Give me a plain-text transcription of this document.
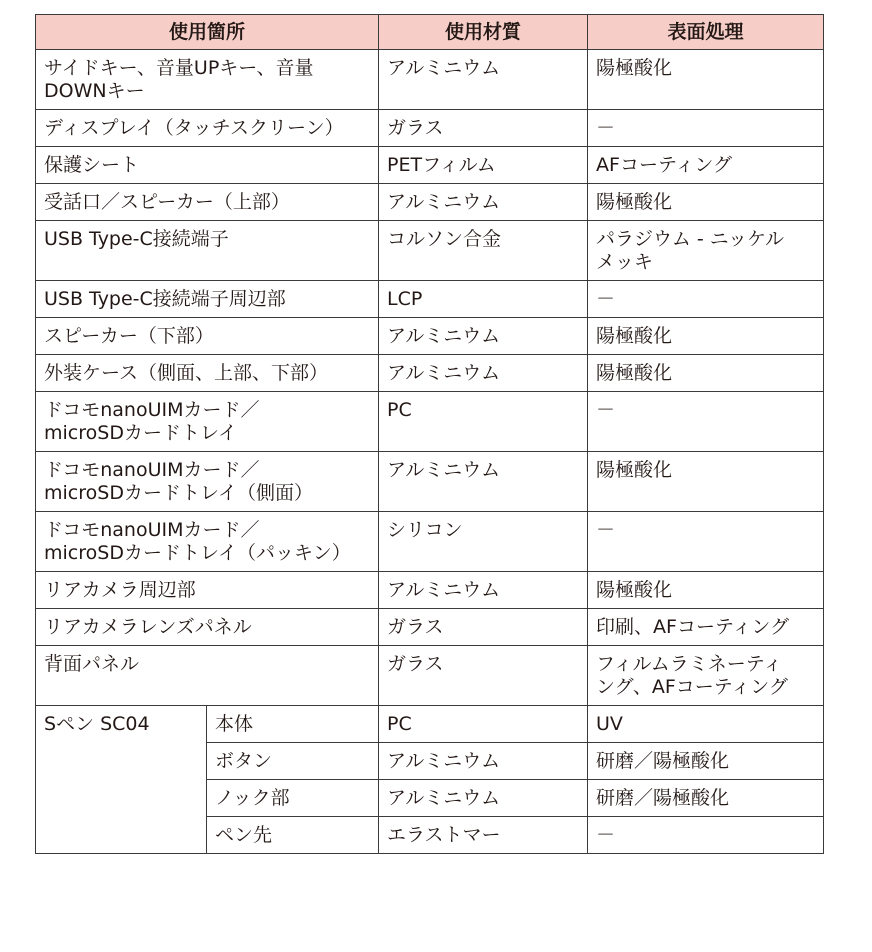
使用箇所		使用材質	表面処理
サイドキー、音量UPキー、音量
DOWNキー		アルミニウム	陽極酸化
ディスプレイ（タッチスクリーン）		ガラス	－
保護シート		PETフィルム	AFコーティング
受話口／スピーカー（上部）		アルミニウム	陽極酸化
USB Type-C接続端子		コルソン合金	パラジウム - ニッケル
メッキ
USB Type-C接続端子周辺部		LCP	－
スピーカー（下部）		アルミニウム	陽極酸化
外装ケース（側面、上部、下部）		アルミニウム	陽極酸化
ドコモnanoUIMカード／
microSDカードトレイ		PC	－
ドコモnanoUIMカード／
microSDカードトレイ（側面）		アルミニウム	陽極酸化
ドコモnanoUIMカード／
microSDカードトレイ（パッキン）		シリコン	－
リアカメラ周辺部		アルミニウム	陽極酸化
リアカメラレンズパネル		ガラス	印刷、AFコーティング
背面パネル		ガラス	フィルムラミネーティ
ング、AFコーティング
Sペン SC04	本体	PC	UV
	ボタン	アルミニウム	研磨／陽極酸化
	ノック部	アルミニウム	研磨／陽極酸化
	ペン先	エラストマー	－
